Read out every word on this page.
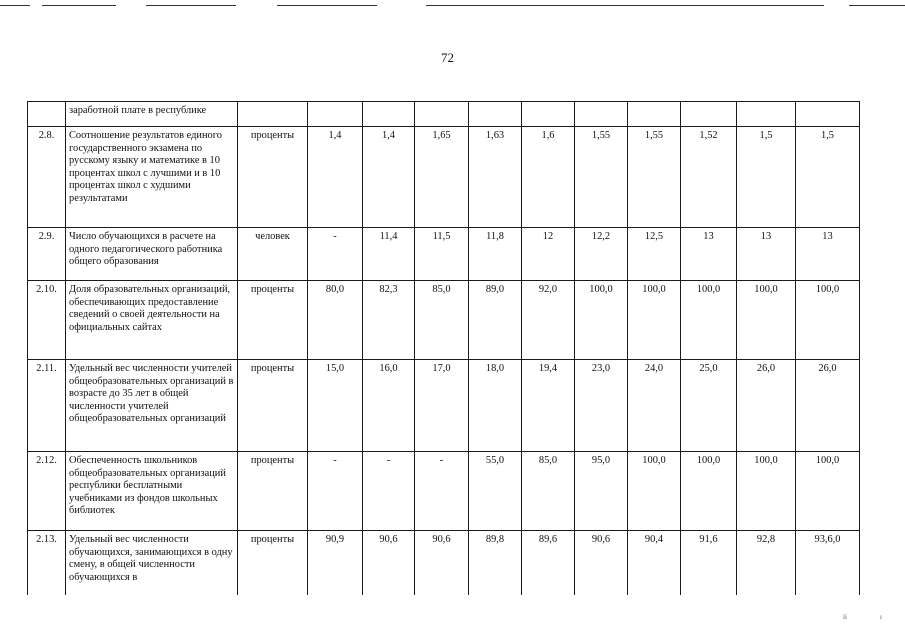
72
	заработной плате в республике												
2.8.	Соотношение результатов единого государственного экзамена по русскому языку и математике в 10 процентах школ с лучшими и в 10 процентах школ с худшими результатами	проценты	1,4	1,4	1,65	1,63	1,6	1,55	1,55	1,52	1,5	1,5	
2.9.	Число обучающихся в расчете на одного педагогического работника общего образования	человек	-	11,4	11,5	11,8	12	12,2	12,5	13	13	13	
2.10.	Доля образовательных организаций, обеспечивающих предоставление сведений о своей деятельности на официальных сайтах	проценты	80,0	82,3	85,0	89,0	92,0	100,0	100,0	100,0	100,0	100,0	
2.11.	Удельный вес численности учителей общеобразовательных организаций в возрасте до 35 лет в общей численности учителей общеобразовательных организаций	проценты	15,0	16,0	17,0	18,0	19,4	23,0	24,0	25,0	26,0	26,0	
2.12.	Обеспеченность школьников общеобразовательных организаций республики бесплатными учебниками из фондов школьных библиотек	проценты	-	-	-	55,0	85,0	95,0	100,0	100,0	100,0	100,0	
2.13.	Удельный вес численности обучающихся, занимающихся в одну смену, в общей численности обучающихся в	проценты	90,9	90,6	90,6	89,8	89,6	90,6	90,4	91,6	92,8	93,6,0	
ii	ı
